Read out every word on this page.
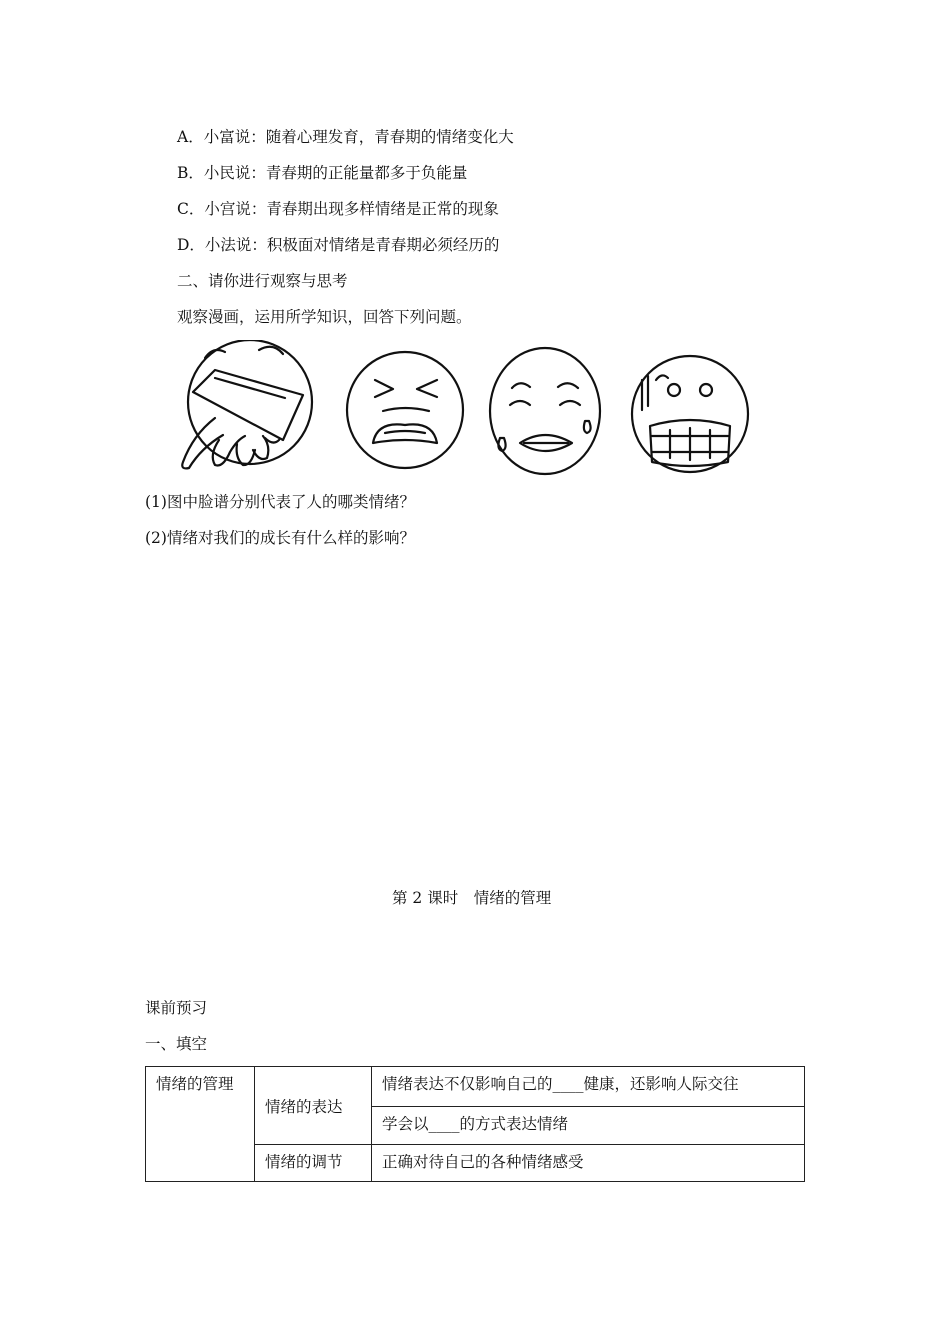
A．小富说：随着心理发育，青春期的情绪变化大
B．小民说：青春期的正能量都多于负能量
C．小宫说：青春期出现多样情绪是正常的现象
D．小法说：积极面对情绪是青春期必须经历的
二、请你进行观察与思考
观察漫画，运用所学知识，回答下列问题。
(1)图中脸谱分别代表了人的哪类情绪？
(2)情绪对我们的成长有什么样的影响？
第 2 课时　情绪的管理
课前预习
一、填空
情绪的管理	情绪的表达	情绪表达不仅影响自己的____健康，还影响人际交往
		学会以____的方式表达情绪
	情绪的调节	正确对待自己的各种情绪感受
